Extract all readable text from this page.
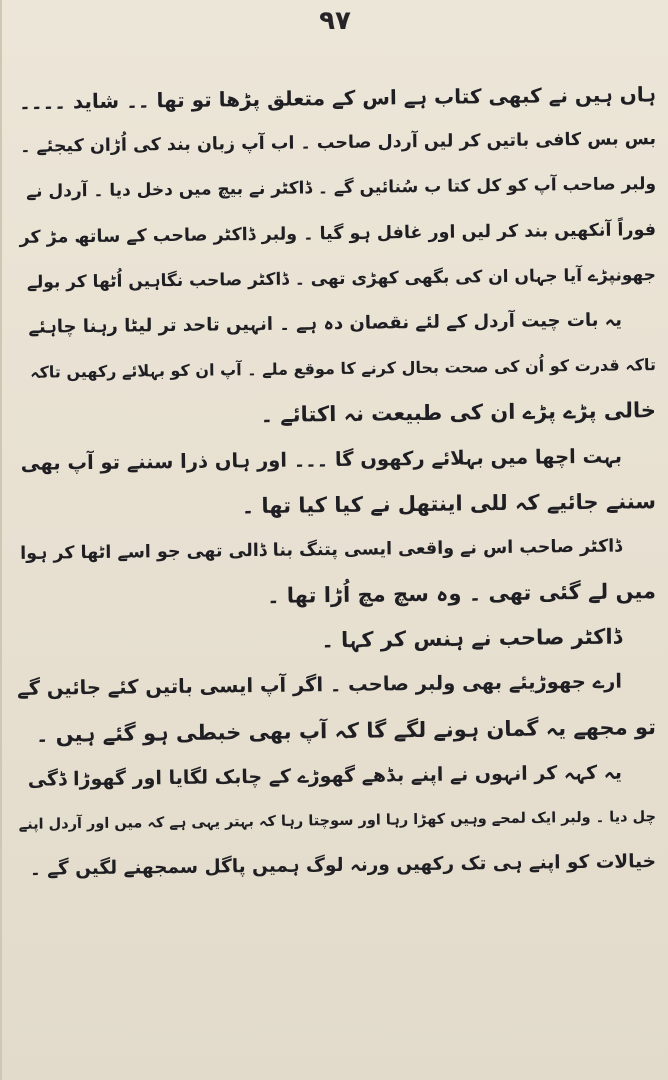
۹۷
ہاں ہیں نے کبھی کتاب ہے اس کے متعلق پڑھا تو تھا ۔۔ شاید ۔۔۔۔
بس بس کافی باتیں کر لیں آردل صاحب ۔ اب آپ زبان بند کی اُڑان کیجئے ۔
ولبر صاحب آپ کو کل کتا ب سُنائیں گے ۔ ڈاکٹر نے بیچ میں دخل دیا ۔ آردل نے
فوراً آنکھیں بند کر لیں اور غافل ہو گیا ۔ ولبر ڈاکٹر صاحب کے ساتھ مڑ کر
جھونپڑے آیا جہاں ان کی بگھی کھڑی تھی ۔ ڈاکٹر صاحب نگاہیں اُٹھا کر بولے
یہ بات چیت آردل کے لئے نقصان دہ ہے ۔ انہیں تاحد تر لیٹا رہنا چاہئے
تاکہ قدرت کو اُن کی صحت بحال کرنے کا موقع ملے ۔ آپ ان کو بہلائے رکھیں تاکہ
خالی پڑے پڑے ان کی طبیعت نہ اکتائے ۔
بہت اچھا میں بہلائے رکھوں گا ۔۔۔ اور ہاں ذرا سننے تو آپ بھی
سننے جائیے کہ للی اینتھل نے کیا کیا تھا ۔
ڈاکٹر صاحب اس نے واقعی ایسی پتنگ بنا ڈالی تھی جو اسے اٹھا کر ہوا
میں لے گئی تھی ۔ وہ سچ مچ اُڑا تھا ۔
ڈاکٹر صاحب نے ہنس کر کہا ۔
ارے جھوڑیئے بھی ولبر صاحب ۔ اگر آپ ایسی باتیں کئے جائیں گے
تو مجھے یہ گمان ہونے لگے گا کہ آپ بھی خبطی ہو گئے ہیں ۔
یہ کہہ کر انہوں نے اپنے بڈھے گھوڑے کے چابک لگایا اور گھوڑا ڈگی
چل دیا ۔ ولبر ایک لمحے وہیں کھڑا رہا اور سوچتا رہا کہ بہتر یہی ہے کہ میں اور آردل اپنے
خیالات کو اپنے ہی تک رکھیں ورنہ لوگ ہمیں پاگل سمجھنے لگیں گے ۔
